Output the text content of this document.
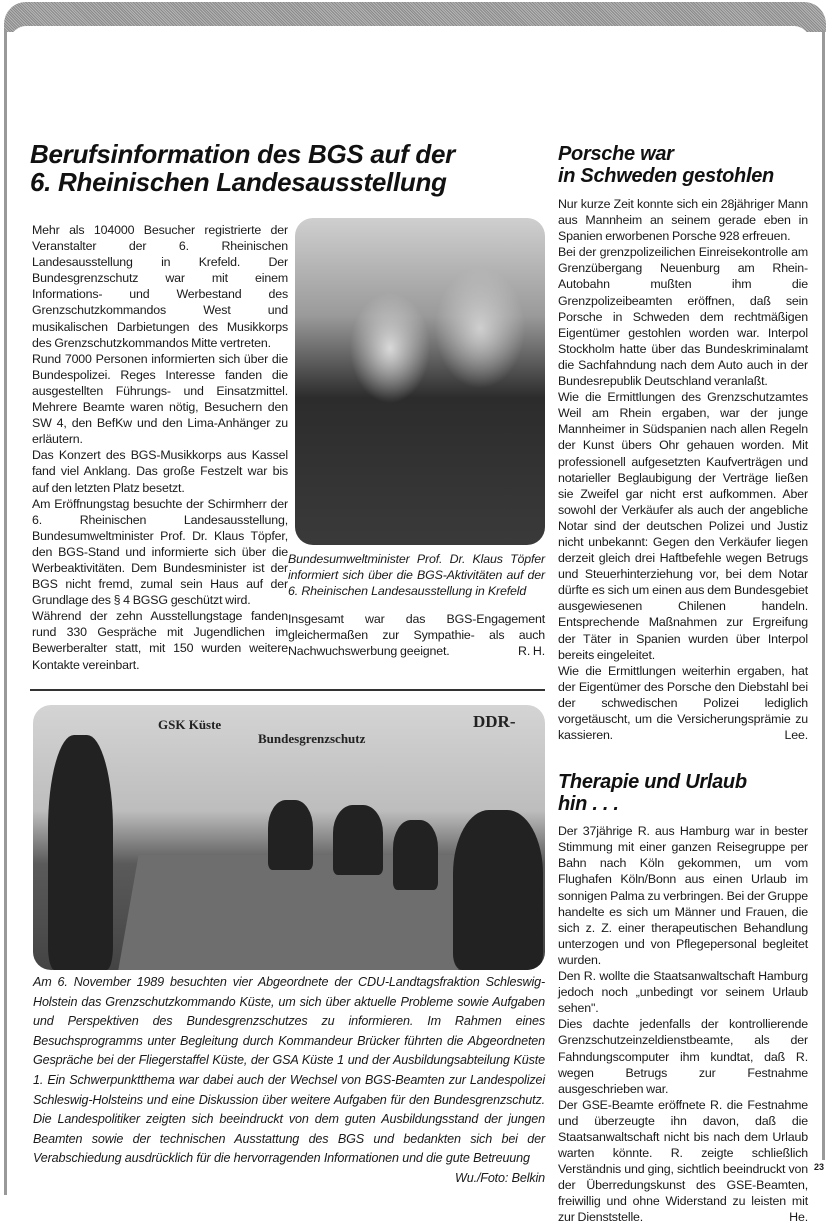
Berufsinformation des BGS auf der
6. Rheinischen Landesausstellung

Mehr als 104000 Besucher registrierte der Veranstalter der 6. Rheinischen Landesausstellung in Krefeld. Der Bundesgrenzschutz war mit einem Informations- und Werbestand des Grenzschutzkommandos West und musikalischen Darbietungen des Musikkorps des Grenzschutzkommandos Mitte vertreten.

Rund 7000 Personen informierten sich über die Bundespolizei. Reges Interesse fanden die ausgestellten Führungs- und Einsatzmittel. Mehrere Beamte waren nötig, Besuchern den SW 4, den BefKw und den Lima-Anhänger zu erläutern.

Das Konzert des BGS-Musikkorps aus Kassel fand viel Anklang. Das große Festzelt war bis auf den letzten Platz besetzt.

Am Eröffnungstag besuchte der Schirmherr der 6. Rheinischen Landesausstellung, Bundesumweltminister Prof. Dr. Klaus Töpfer, den BGS-Stand und informierte sich über die Werbeaktivitäten. Dem Bundesminister ist der BGS nicht fremd, zumal sein Haus auf der Grundlage des § 4 BGSG geschützt wird.

Während der zehn Ausstellungstage fanden rund 330 Gespräche mit Jugendlichen im Bewerberalter statt, mit 150 wurden weitere Kontakte vereinbart.

Bundesumweltminister Prof. Dr. Klaus Töpfer informiert sich über die BGS-Aktivitäten auf der 6. Rheinischen Landesausstellung in Krefeld

Insgesamt war das BGS-Engagement gleichermaßen zur Sympathie- als auch Nachwuchswerbung geeignet.	R. H.
GSK Küste
Bundesgrenzschutz
DDR-
Am 6. November 1989 besuchten vier Abgeordnete der CDU-Landtagsfraktion Schleswig-Holstein das Grenzschutzkommando Küste, um sich über aktuelle Probleme sowie Aufgaben und Perspektiven des Bundesgrenzschutzes zu informieren. Im Rahmen eines Besuchsprogramms unter Begleitung durch Kommandeur Brücker führten die Abgeordneten Gespräche bei der Fliegerstaffel Küste, der GSA Küste 1 und der Ausbildungsabteilung Küste 1. Ein Schwerpunktthema war dabei auch der Wechsel von BGS-Beamten zur Landespolizei Schleswig-Holsteins und eine Diskussion über weitere Aufgaben für den Bundesgrenzschutz. Die Landespolitiker zeigten sich beeindruckt von dem guten Ausbildungsstand der jungen Beamten sowie der technischen Ausstattung des BGS und bedankten sich bei der Verabschiedung ausdrücklich für die hervorragenden Informationen und die gute Betreuung
Wu./Foto: Belkin
Porsche war
in Schweden gestohlen

Nur kurze Zeit konnte sich ein 28jähriger Mann aus Mannheim an seinem gerade eben in Spanien erworbenen Porsche 928 erfreuen.

Bei der grenzpolizeilichen Einreisekontrolle am Grenzübergang Neuenburg am Rhein-Autobahn mußten ihm die Grenzpolizeibeamten eröffnen, daß sein Porsche in Schweden dem rechtmäßigen Eigentümer gestohlen worden war. Interpol Stockholm hatte über das Bundeskriminalamt die Sachfahndung nach dem Auto auch in der Bundesrepublik Deutschland veranlaßt.

Wie die Ermittlungen des Grenzschutzamtes Weil am Rhein ergaben, war der junge Mannheimer in Südspanien nach allen Regeln der Kunst übers Ohr gehauen worden. Mit professionell aufgesetzten Kaufverträgen und notarieller Beglaubigung der Verträge ließen sie Zweifel gar nicht erst aufkommen. Aber sowohl der Verkäufer als auch der angebliche Notar sind der deutschen Polizei und Justiz nicht unbekannt: Gegen den Verkäufer liegen derzeit gleich drei Haftbefehle wegen Betrugs und Steuerhinterziehung vor, bei dem Notar dürfte es sich um einen aus dem Bundesgebiet ausgewiesenen Chilenen handeln. Entsprechende Maßnahmen zur Ergreifung der Täter in Spanien wurden über Interpol bereits eingeleitet.

Wie die Ermittlungen weiterhin ergaben, hat der Eigentümer des Porsche den Diebstahl bei der schwedischen Polizei lediglich vorgetäuscht, um die Versicherungsprämie zu kassieren.	Lee.

Therapie und Urlaub
hin . . .

Der 37jährige R. aus Hamburg war in bester Stimmung mit einer ganzen Reisegruppe per Bahn nach Köln gekommen, um vom Flughafen Köln/Bonn aus einen Urlaub im sonnigen Palma zu verbringen. Bei der Gruppe handelte es sich um Männer und Frauen, die sich z. Z. einer therapeutischen Behandlung unterzogen und von Pflegepersonal begleitet wurden.

Den R. wollte die Staatsanwaltschaft Hamburg jedoch noch „unbedingt vor seinem Urlaub sehen".

Dies dachte jedenfalls der kontrollierende Grenzschutzeinzeldienstbeamte, als der Fahndungscomputer ihm kundtat, daß R. wegen Betrugs zur Festnahme ausgeschrieben war.

Der GSE-Beamte eröffnete R. die Festnahme und überzeugte ihn davon, daß die Staatsanwaltschaft nicht bis nach dem Urlaub warten könnte. R. zeigte schließlich Verständnis und ging, sichtlich beeindruckt von der Überredungskunst des GSE-Beamten, freiwillig und ohne Widerstand zu leisten mit zur Dienststelle.	He.

23
